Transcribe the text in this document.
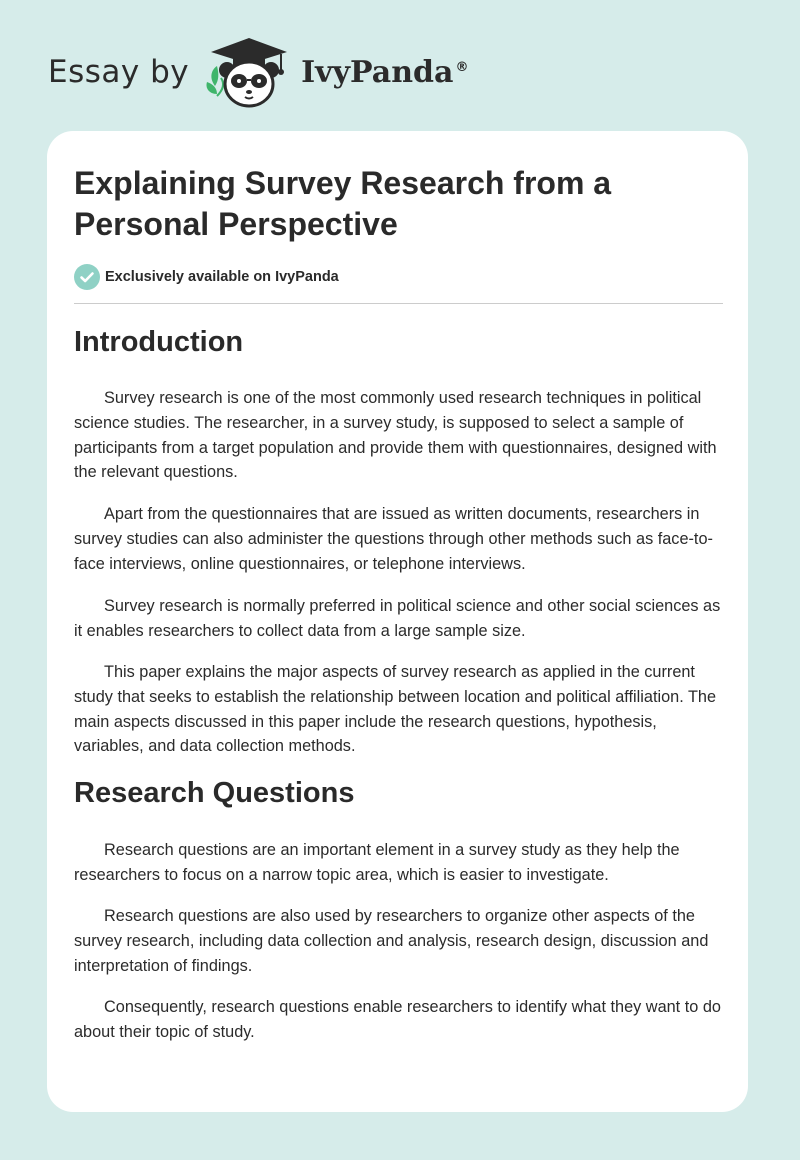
Essay by	IvyPanda ®
Explaining Survey Research from a Personal Perspective
Exclusively available on IvyPanda
Introduction

Survey research is one of the most commonly used research techniques in political science studies. The researcher, in a survey study, is supposed to select a sample of participants from a target population and provide them with questionnaires, designed with the relevant questions.

Apart from the questionnaires that are issued as written documents, researchers in survey studies can also administer the questions through other methods such as face-to-face interviews, online questionnaires, or telephone interviews.

Survey research is normally preferred in political science and other social sciences as it enables researchers to collect data from a large sample size.

This paper explains the major aspects of survey research as applied in the current study that seeks to establish the relationship between location and political affiliation. The main aspects discussed in this paper include the research questions, hypothesis, variables, and data collection methods.

Research Questions

Research questions are an important element in a survey study as they help the researchers to focus on a narrow topic area, which is easier to investigate.

Research questions are also used by researchers to organize other aspects of the survey research, including data collection and analysis, research design, discussion and interpretation of findings.

Consequently, research questions enable researchers to identify what they want to do about their topic of study.
